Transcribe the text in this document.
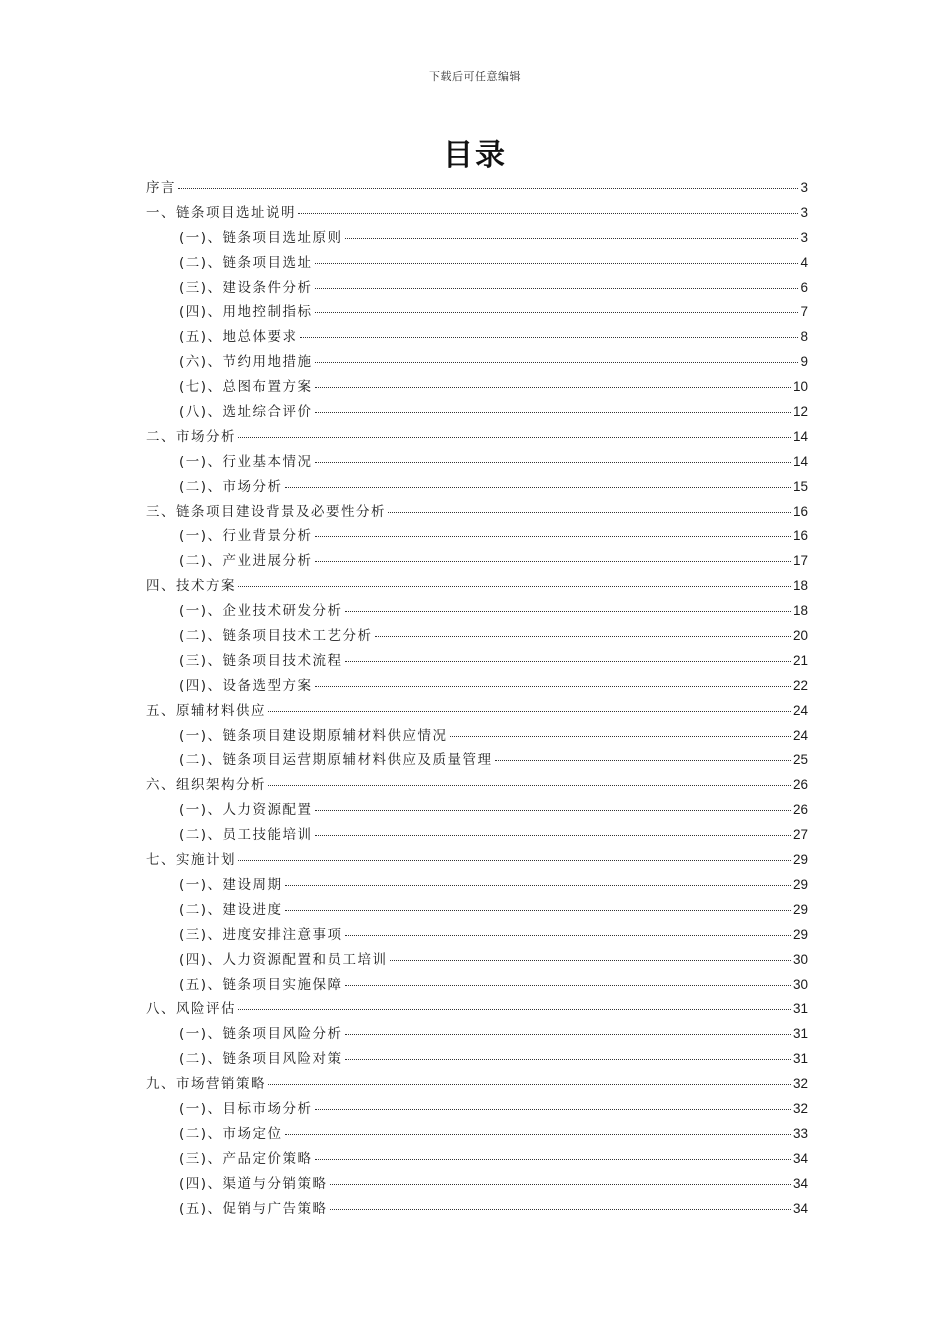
下载后可任意编辑
目录
序言	3
一、链条项目选址说明	3
(一)、链条项目选址原则	3
(二)、链条项目选址	4
(三)、建设条件分析	6
(四)、用地控制指标	7
(五)、地总体要求	8
(六)、节约用地措施	9
(七)、总图布置方案	10
(八)、选址综合评价	12
二、市场分析	14
(一)、行业基本情况	14
(二)、市场分析	15
三、链条项目建设背景及必要性分析	16
(一)、行业背景分析	16
(二)、产业进展分析	17
四、技术方案	18
(一)、企业技术研发分析	18
(二)、链条项目技术工艺分析	20
(三)、链条项目技术流程	21
(四)、设备选型方案	22
五、原辅材料供应	24
(一)、链条项目建设期原辅材料供应情况	24
(二)、链条项目运营期原辅材料供应及质量管理	25
六、组织架构分析	26
(一)、人力资源配置	26
(二)、员工技能培训	27
七、实施计划	29
(一)、建设周期	29
(二)、建设进度	29
(三)、进度安排注意事项	29
(四)、人力资源配置和员工培训	30
(五)、链条项目实施保障	30
八、风险评估	31
(一)、链条项目风险分析	31
(二)、链条项目风险对策	31
九、市场营销策略	32
(一)、目标市场分析	32
(二)、市场定位	33
(三)、产品定价策略	34
(四)、渠道与分销策略	34
(五)、促销与广告策略	34
